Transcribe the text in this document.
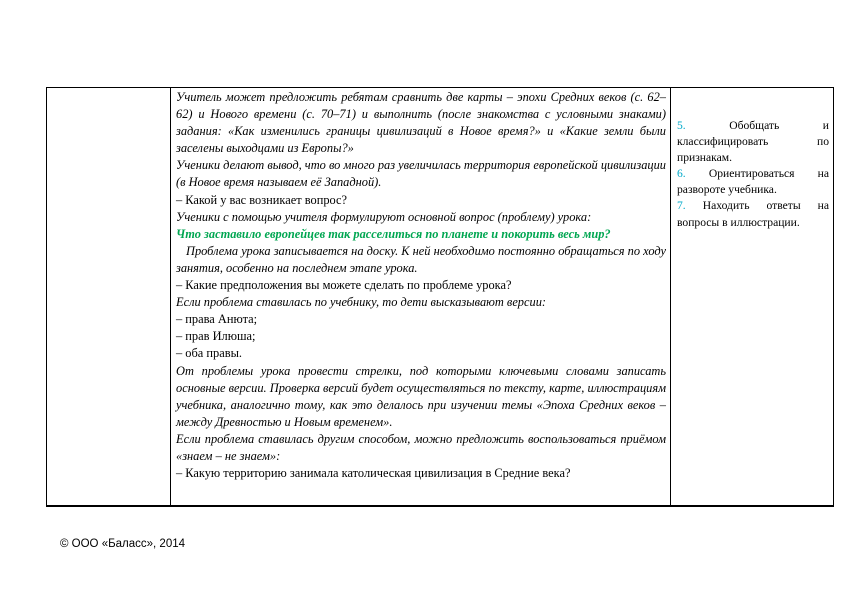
Учитель может предложить ребятам сравнить две карты – эпохи Средних веков (с. 62–62) и Нового времени (с. 70–71) и выполнить (после знакомства с условными знаками) задания: «Как изменились границы цивилизаций в Новое время?» и «Какие земли были заселены выходцами из Европы?»

Ученики делают вывод, что во много раз увеличилась территория европейской цивилизации (в Новое время называем её Западной).

– Какой у вас возникает вопрос?

Ученики с помощью учителя формулируют основной вопрос (проблему) урока:

Что заставило европейцев так расселиться по планете и покорить весь мир?

Проблема урока записывается на доску. К ней необходимо постоянно обращаться по ходу занятия, особенно на последнем этапе урока.

– Какие предположения вы можете сделать по проблеме урока?

Если проблема ставилась по учебнику, то дети высказывают версии:

– права Анюта;

– прав Илюша;

– оба правы.

От проблемы урока провести стрелки, под которыми ключевыми словами записать основные версии. Проверка версий будет осуществляться по тексту, карте, иллюстрациям учебника, аналогично тому, как это делалось при изучении темы «Эпоха Средних веков – между Древностью и Новым временем».

Если проблема ставилась другим способом, можно предложить воспользоваться приёмом «знаем – не знаем»:

– Какую территорию занимала католическая цивилизация в Средние века?

5. Обобщать и классифицировать по признакам.

6. Ориентироваться на развороте учебника.

7. Находить ответы на вопросы в иллюстрации.

© ООО «Баласс», 2014
